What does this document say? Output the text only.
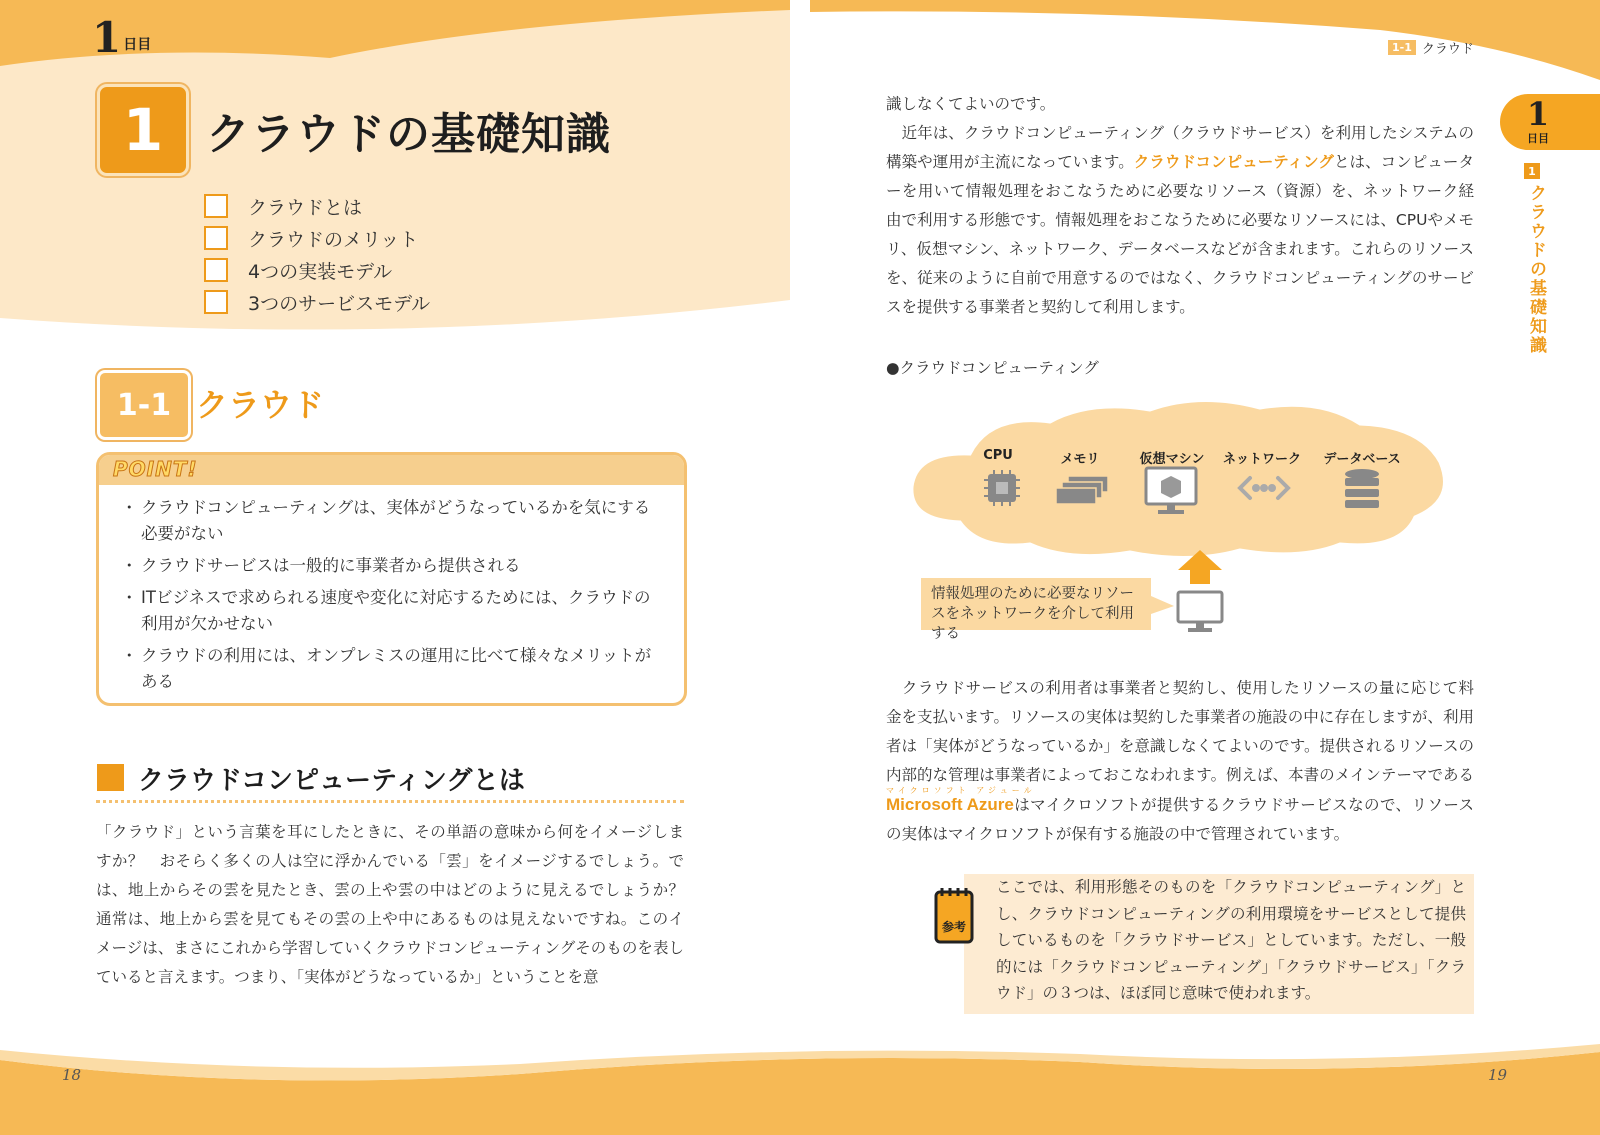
1 日目
1 クラウドの基礎知識
クラウドとは
クラウドのメリット
4つの実装モデル
3つのサービスモデル
1-1 クラウド
POINT!
・ クラウドコンピューティングは、実体がどうなっているかを気にする必要がない
・ クラウドサービスは一般的に事業者から提供される
・ ITビジネスで求められる速度や変化に対応するためには、クラウドの利用が欠かせない
・ クラウドの利用には、オンプレミスの運用に比べて様々なメリットがある
クラウドコンピューティングとは

「クラウド」という言葉を耳にしたときに、その単語の意味から何をイメージしますか？　おそらく多くの人は空に浮かんでいる「雲」をイメージするでしょう。では、地上からその雲を見たとき、雲の上や雲の中はどのように見えるでしょうか？　通常は、地上から雲を見てもその雲の上や中にあるものは見えないですね。このイメージは、まさにこれから学習していくクラウドコンピューティングそのものを表していると言えます。つまり、「実体がどうなっているか」ということを意

18
1-1 クラウド
1
日目
1
クラウドの基礎知識
識しなくてよいのです。
　近年は、クラウドコンピューティング（クラウドサービス）を利用したシステムの構築や運用が主流になっています。クラウドコンピューティングとは、コンピューターを用いて情報処理をおこなうために必要なリソース（資源）を、ネットワーク経由で利用する形態です。情報処理をおこなうために必要なリソースには、CPUやメモリ、仮想マシン、ネットワーク、データベースなどが含まれます。これらのリソースを、従来のように自前で用意するのではなく、クラウドコンピューティングのサービスを提供する事業者と契約して利用します。
●クラウドコンピューティング
CPU	メモリ	仮想マシン	ネットワーク	データベース
情報処理のために必要なリソースをネットワークを介して利用する
　クラウドサービスの利用者は事業者と契約し、使用したリソースの量に応じて料金を支払います。リソースの実体は契約した事業者の施設の中に存在しますが、利用者は「実体がどうなっているか」を意識しなくてよいのです。提供されるリソースの内部的な管理は事業者によっておこなわれます。例えば、本書のメインテーマである
マイクロソフト アジュール
Microsoft Azureはマイクロソフトが提供するクラウドサービスなので、リソースの実体はマイクロソフトが保有する施設の中で管理されています。
参考

ここでは、利用形態そのものを「クラウドコンピューティング」とし、クラウドコンピューティングの利用環境をサービスとして提供しているものを「クラウドサービス」としています。ただし、一般的には「クラウドコンピューティング」「クラウドサービス」「クラウド」の３つは、ほぼ同じ意味で使われます。

19
